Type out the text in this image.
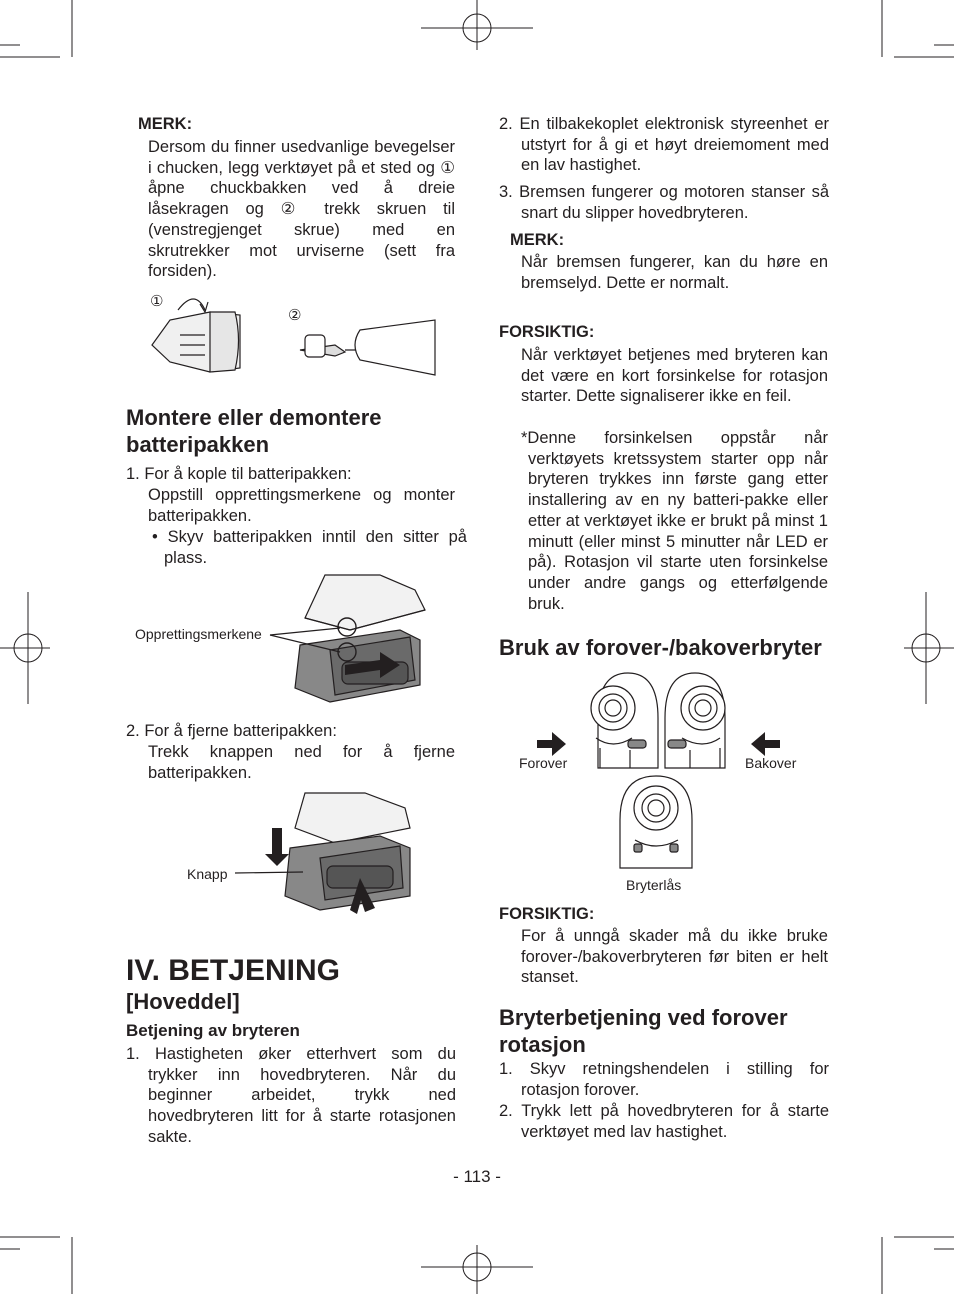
MERK:
Dersom du finner usedvanlige bevegelser i chucken, legg verktøyet på et sted og ① åpne chuckbakken ved å dreie låsekragen og ② trekk skruen til (venstregjenget skrue) med en skrutrekker mot urviserne (sett fra forsiden).
①
②
Montere eller demontere batteripakken
1. For å kople til batteripakken:
Oppstill opprettingsmerkene og monter batteripakken.
• Skyv batteripakken inntil den sitter på plass.
Opprettingsmerkene
2. For å fjerne batteripakken:
Trekk knappen ned for å fjerne batteripakken.
Knapp
IV. BETJENING
[Hoveddel]
Betjening av bryteren
1. Hastigheten øker etterhvert som du trykker inn hovedbryteren. Når du beginner arbeidet, trykk ned hovedbryteren litt for å starte rotasjonen sakte.
2. En tilbakekoplet elektronisk styreenhet er utstyrt for å gi et høyt dreiemoment med en lav hastighet.
3. Bremsen fungerer og motoren stanser så snart du slipper hovedbryteren.
MERK:
Når bremsen fungerer, kan du høre en bremselyd. Dette er normalt.
FORSIKTIG:
Når verktøyet betjenes med bryteren kan det være en kort forsinkelse for rotasjon starter. Dette signaliserer ikke en feil.
*Denne forsinkelsen oppstår når verktøyets kretssystem starter opp når bryteren trykkes inn første gang etter installering av en ny batteri-pakke eller etter at verktøyet ikke er brukt på minst 1 minutt (eller minst 5 minutter når LED er på). Rotasjon vil starte uten forsinkelse under andre gangs og etterfølgende bruk.
Bruk av forover-/bakoverbryter
Forover	Bakover
Bryterlås
FORSIKTIG:
For å unngå skader må du ikke bruke forover-/bakoverbryteren før biten er helt stanset.
Bryterbetjening ved forover rotasjon
1. Skyv retningshendelen i stilling for rotasjon forover.
2. Trykk lett på hovedbryteren for å starte verktøyet med lav hastighet.
- 113 -
